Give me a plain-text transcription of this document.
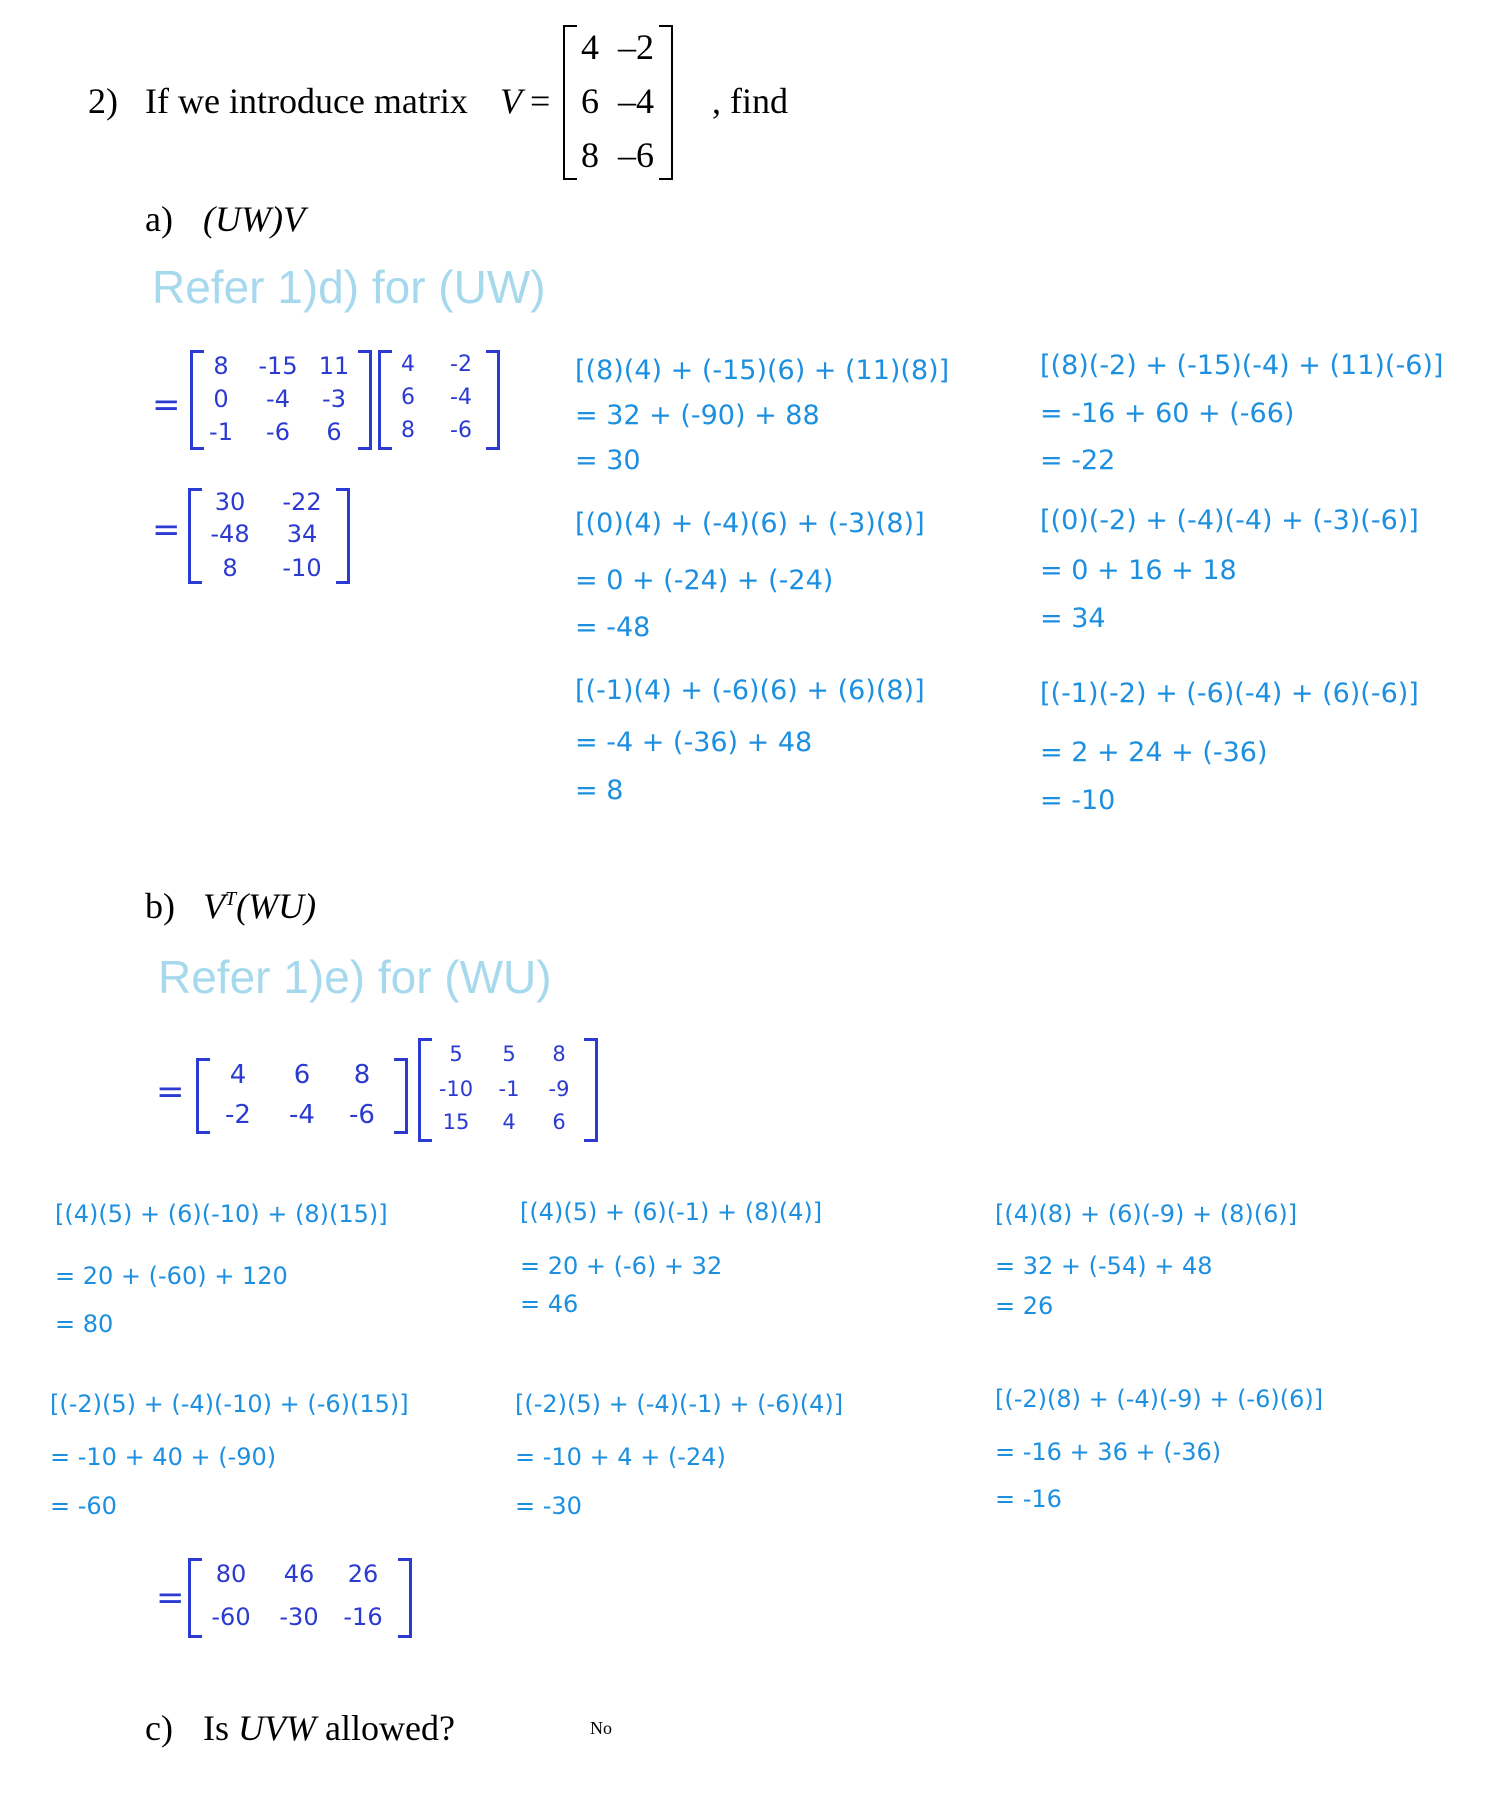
2) If we introduce matrix V =
4 –2
6 –4
8 –6
, find
a) (UW)V
Refer 1)d) for (UW)
=
8	-15 11
0	-4	-3
-1	-6	6
4	-2
6	-4
8	-6
=
30	-22
-48	34
8	-10
[(8)(4) + (-15)(6) + (11)(8)]
= 32 + (-90) + 88
= 30
[(8)(-2) + (-15)(-4) + (11)(-6)]
= -16 + 60 + (-66)
= -22
[(0)(4) + (-4)(6) + (-3)(8)]
= 0 + (-24) + (-24)
= -48
[(0)(-2) + (-4)(-4) + (-3)(-6)]
= 0 + 16 + 18
= 34
[(-1)(4) + (-6)(6) + (6)(8)]
= -4 + (-36) + 48
= 8
[(-1)(-2) + (-6)(-4) + (6)(-6)]
= 2 + 24 + (-36)
= -10
b) $V^T(WU)$
Refer 1)e) for (WU)
=	4	6	8
-2	-4	-6
5	5	8
-10	-1	-9
15	4	6
[(4)(5) + (6)(-10) + (8)(15)]
= 20 + (-60) + 120
= 80
[(4)(5) + (6)(-1) + (8)(4)]
= 20 + (-6) + 32
= 46
[(4)(8) + (6)(-9) + (8)(6)]
= 32 + (-54) + 48
= 26
[(-2)(5) + (-4)(-10) + (-6)(15)]
= -10 + 40 + (-90)
= -60
[(-2)(5) + (-4)(-1) + (-6)(4)]
= -10 + 4 + (-24)
= -30
[(-2)(8) + (-4)(-9) + (-6)(6)]
= -16 + 36 + (-36)
= -16
=
80	46	26
-60	-30	-16
c) Is UVW allowed?	No
